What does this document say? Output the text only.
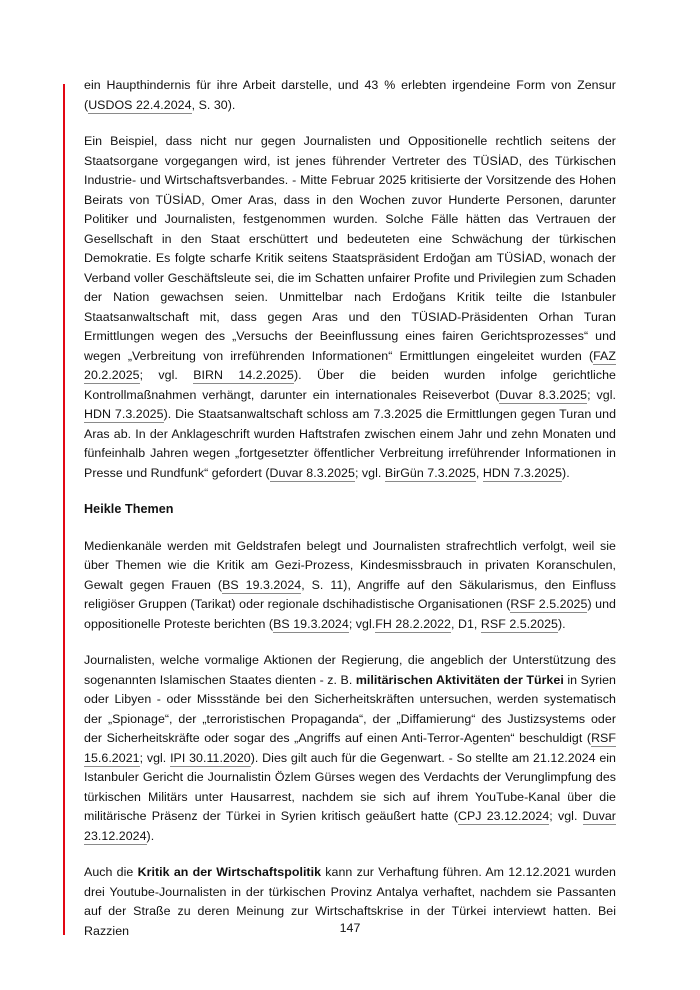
ein Haupthindernis für ihre Arbeit darstelle, und 43 % erlebten irgendeine Form von Zensur (USDOS 22.4.2024, S. 30).

Ein Beispiel, dass nicht nur gegen Journalisten und Oppositionelle rechtlich seitens der Staatsorgane vorgegangen wird, ist jenes führender Vertreter des TÜSİAD, des Türkischen Industrie- und Wirtschaftsverbandes. - Mitte Februar 2025 kritisierte der Vorsitzende des Hohen Beirats von TÜSİAD, Omer Aras, dass in den Wochen zuvor Hunderte Personen, darunter Politiker und Journalisten, festgenommen wurden. Solche Fälle hätten das Vertrauen der Gesellschaft in den Staat erschüttert und bedeuteten eine Schwächung der türkischen Demokratie. Es folgte scharfe Kritik seitens Staatspräsident Erdoğan am TÜSİAD, wonach der Verband voller Geschäftsleute sei, die im Schatten unfairer Profite und Privilegien zum Schaden der Nation gewachsen seien. Unmittelbar nach Erdoğans Kritik teilte die Istanbuler Staatsanwaltschaft mit, dass gegen Aras und den TÜSIAD-Präsidenten Orhan Turan Ermittlungen wegen des „Versuchs der Beeinflussung eines fairen Gerichtsprozesses“ und wegen „Verbreitung von irreführenden Informationen“ Ermittlungen eingeleitet wurden (FAZ 20.2.2025; vgl. BIRN 14.2.2025). Über die beiden wurden infolge gerichtliche Kontrollmaßnahmen verhängt, darunter ein internationales Reiseverbot (Duvar 8.3.2025; vgl. HDN 7.3.2025). Die Staatsanwaltschaft schloss am 7.3.2025 die Ermittlungen gegen Turan und Aras ab. In der Anklageschrift wurden Haftstrafen zwischen einem Jahr und zehn Monaten und fünfeinhalb Jahren wegen „fortgesetzter öffentlicher Verbreitung irreführender Informationen in Presse und Rundfunk“ gefordert (Duvar 8.3.2025; vgl. BirGün 7.3.2025, HDN 7.3.2025).

Heikle Themen

Medienkanäle werden mit Geldstrafen belegt und Journalisten strafrechtlich verfolgt, weil sie über Themen wie die Kritik am Gezi-Prozess, Kindesmissbrauch in privaten Koranschulen, Gewalt gegen Frauen (BS 19.3.2024, S. 11), Angriffe auf den Säkularismus, den Einfluss religiöser Gruppen (Tarikat) oder regionale dschihadistische Organisationen (RSF 2.5.2025) und oppositionelle Proteste berichten (BS 19.3.2024; vgl.FH 28.2.2022, D1, RSF 2.5.2025).

Journalisten, welche vormalige Aktionen der Regierung, die angeblich der Unterstützung des sogenannten Islamischen Staates dienten - z. B. militärischen Aktivitäten der Türkei in Syrien oder Libyen - oder Missstände bei den Sicherheitskräften untersuchen, werden systematisch der „Spionage“, der „terroristischen Propaganda“, der „Diffamierung“ des Justizsystems oder der Sicherheitskräfte oder sogar des „Angriffs auf einen Anti-Terror-Agenten“ beschuldigt (RSF 15.6.2021; vgl. IPI 30.11.2020). Dies gilt auch für die Gegenwart. - So stellte am 21.12.2024 ein Istanbuler Gericht die Journalistin Özlem Gürses wegen des Verdachts der Verunglimpfung des türkischen Militärs unter Hausarrest, nachdem sie sich auf ihrem YouTube-Kanal über die militärische Präsenz der Türkei in Syrien kritisch geäußert hatte (CPJ 23.12.2024; vgl. Duvar 23.12.2024).

Auch die Kritik an der Wirtschaftspolitik kann zur Verhaftung führen. Am 12.12.2021 wurden drei Youtube-Journalisten in der türkischen Provinz Antalya verhaftet, nachdem sie Passanten auf der Straße zu deren Meinung zur Wirtschaftskrise in der Türkei interviewt hatten. Bei Razzien	147
